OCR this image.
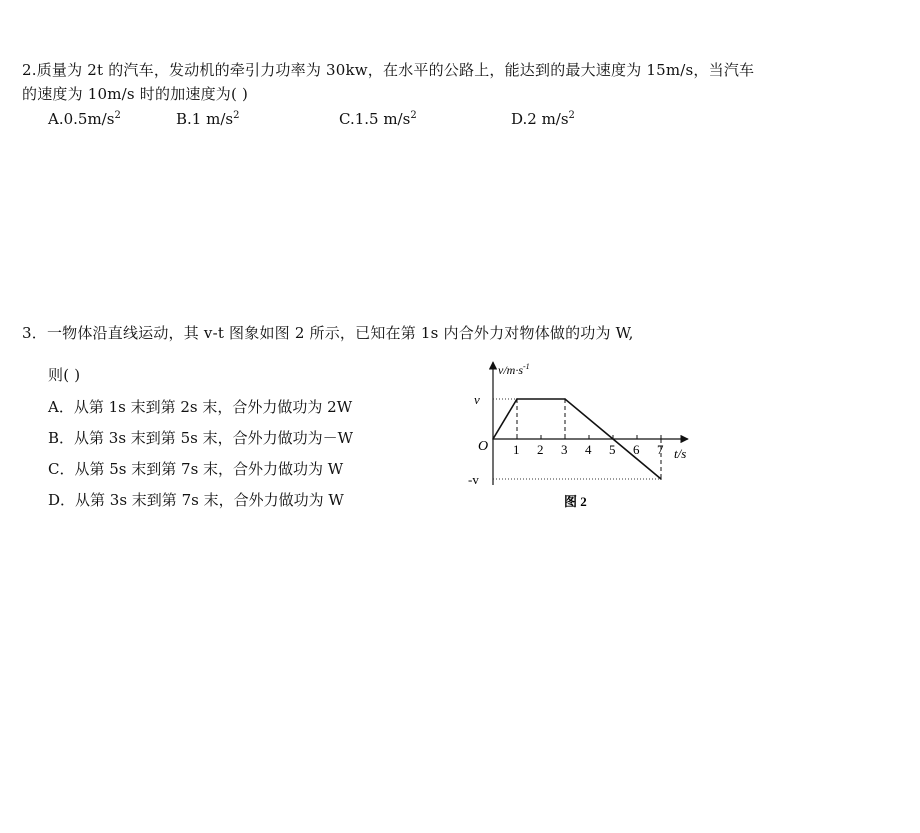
2.质量为 2t 的汽车，发动机的牵引力功率为 30kw，在水平的公路上，能达到的最大速度为 15m/s，当汽车
的速度为 10m/s 时的加速度为( )
$A.0.5m/s^2$	B.1 $m/s^2$	C.1.5 $m/s^2$	D.2 $m/s^2$
3．一物体沿直线运动，其 v-t 图象如图 2 所示，已知在第 1s 内合外力对物体做的功为 W,
则( )
A．从第 1s 末到第 2s 末，合外力做功为 2W
B．从第 3s 末到第 5s 末，合外力做功为－W
C．从第 5s 末到第 7s 末，合外力做功为 W
D．从第 3s 末到第 7s 末，合外力做功为 W
1 2 3 4 5 6 7
$v/m\cdot s^{-1}$
t/s
O
v
-v
图 2
